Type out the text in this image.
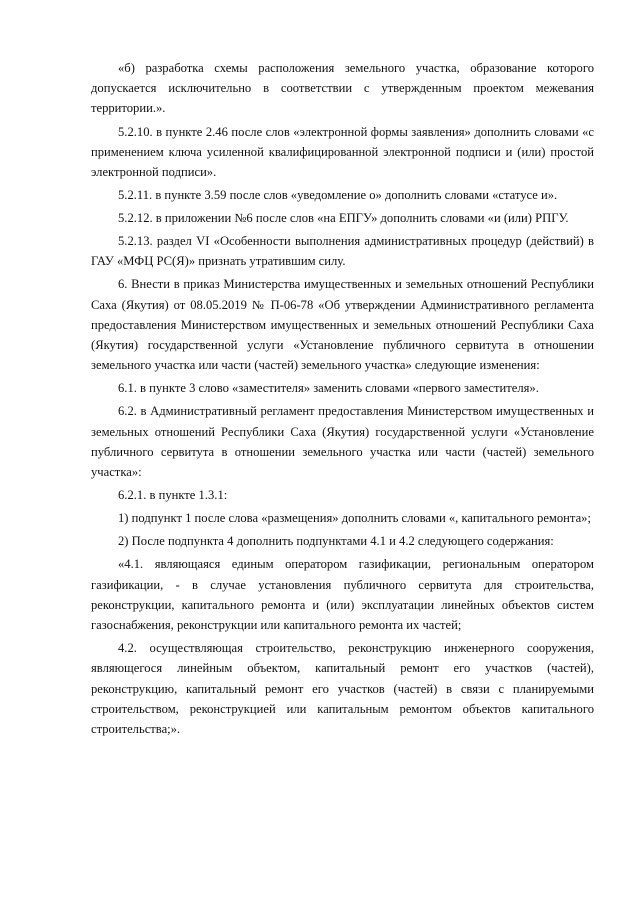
«б) разработка схемы расположения земельного участка, образование которого допускается исключительно в соответствии с утвержденным проектом межевания территории.».

5.2.10. в пункте 2.46 после слов «электронной формы заявления» дополнить словами «с применением ключа усиленной квалифицированной электронной подписи и (или) простой электронной подписи».

5.2.11. в пункте 3.59 после слов «уведомление о» дополнить словами «статусе и».

5.2.12. в приложении №6 после слов «на ЕПГУ» дополнить словами «и (или) РПГУ.

5.2.13. раздел VI «Особенности выполнения административных процедур (действий) в ГАУ «МФЦ РС(Я)» признать утратившим силу.

6. Внести в приказ Министерства имущественных и земельных отношений Республики Саха (Якутия) от 08.05.2019 № П-06-78 «Об утверждении Административного регламента предоставления Министерством имущественных и земельных отношений Республики Саха (Якутия) государственной услуги «Установление публичного сервитута в отношении земельного участка или части (частей) земельного участка» следующие изменения:

6.1. в пункте 3 слово «заместителя» заменить словами «первого заместителя».

6.2. в Административный регламент предоставления Министерством имущественных и земельных отношений Республики Саха (Якутия) государственной услуги «Установление публичного сервитута в отношении земельного участка или части (частей) земельного участка»:

6.2.1. в пункте 1.3.1:

1) подпункт 1 после слова «размещения» дополнить словами «, капитального ремонта»;

2) После подпункта 4 дополнить подпунктами 4.1 и 4.2 следующего содержания:

«4.1. являющаяся единым оператором газификации, региональным оператором газификации, - в случае установления публичного сервитута для строительства, реконструкции, капитального ремонта и (или) эксплуатации линейных объектов систем газоснабжения, реконструкции или капитального ремонта их частей;

4.2. осуществляющая строительство, реконструкцию инженерного сооружения, являющегося линейным объектом, капитальный ремонт его участков (частей), реконструкцию, капитальный ремонт его участков (частей) в связи с планируемыми строительством, реконструкцией или капитальным ремонтом объектов капитального строительства;».
